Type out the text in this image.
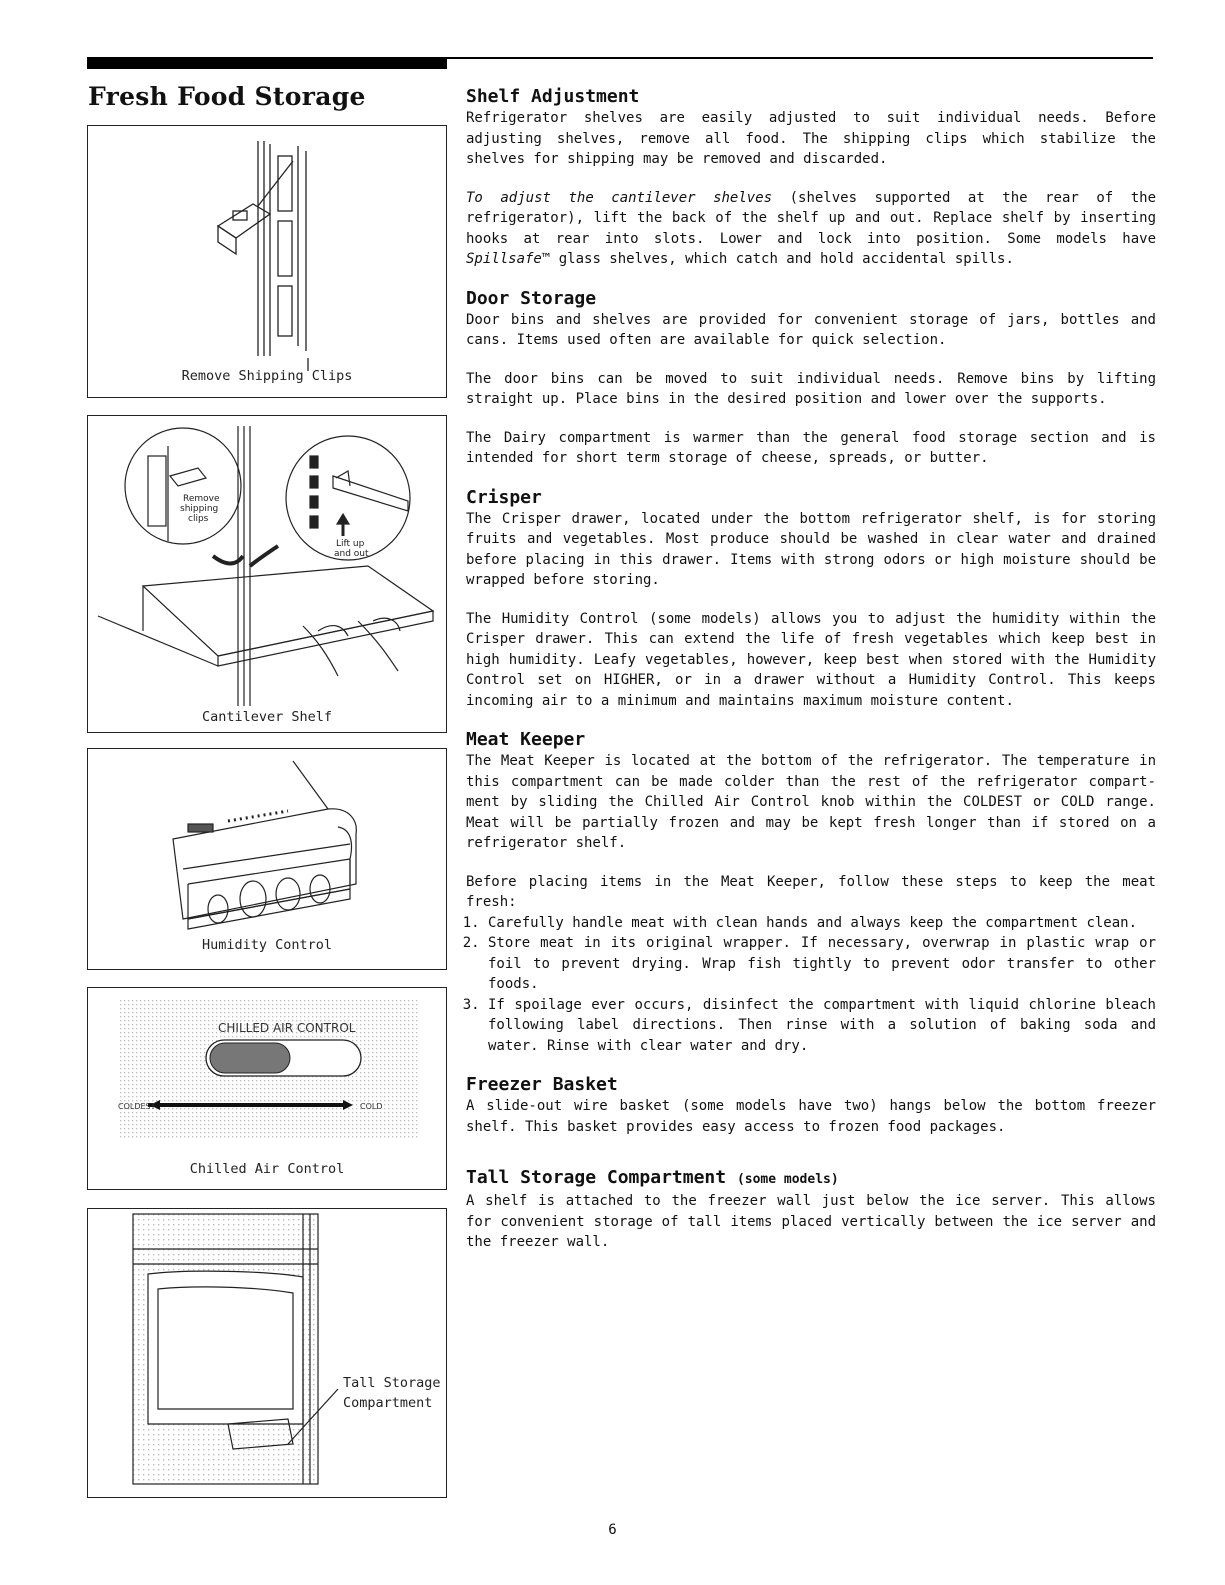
Fresh Food Storage
Remove Shipping Clips
Remove
shipping
clips
Lift up
and out
Cantilever Shelf
Humidity Control
CHILLED AIR CONTROL
COLDEST	COLD
Chilled Air Control
Tall Storage
Compartment

Shelf Adjustment

Refrigerator shelves are easily adjusted to suit individual needs. Before adjusting shelves, remove all food. The shipping clips which stabilize the shelves for shipping may be removed and discarded.

To adjust the cantilever shelves (shelves supported at the rear of the refrigerator), lift the back of the shelf up and out. Replace shelf by inserting hooks at rear into slots. Lower and lock into position. Some models have Spillsafe™ glass shelves, which catch and hold accidental spills.

Door Storage

Door bins and shelves are provided for convenient storage of jars, bottles and cans. Items used often are available for quick selection.

The door bins can be moved to suit individual needs. Remove bins by lifting straight up. Place bins in the desired position and lower over the supports.

The Dairy compartment is warmer than the general food storage section and is intended for short term storage of cheese, spreads, or butter.

Crisper

The Crisper drawer, located under the bottom refrigerator shelf, is for storing fruits and vegetables. Most produce should be washed in clear water and drained before placing in this drawer. Items with strong odors or high moisture should be wrapped before storing.

The Humidity Control (some models) allows you to adjust the humidity within the Crisper drawer. This can extend the life of fresh vegetables which keep best in high humidity. Leafy vegetables, however, keep best when stored with the Humidity Control set on HIGHER, or in a drawer without a Humidity Control. This keeps incoming air to a minimum and maintains maximum moisture content.

Meat Keeper

The Meat Keeper is located at the bottom of the refrigerator. The temperature in this compartment can be made colder than the rest of the refrigerator compart-ment by sliding the Chilled Air Control knob within the COLDEST or COLD range. Meat will be partially frozen and may be kept fresh longer than if stored on a refrigerator shelf.

Before placing items in the Meat Keeper, follow these steps to keep the meat fresh:

1. Carefully handle meat with clean hands and always keep the compartment clean.
2. Store meat in its original wrapper. If necessary, overwrap in plastic wrap or foil to prevent drying. Wrap fish tightly to prevent odor transfer to other foods.
3. If spoilage ever occurs, disinfect the compartment with liquid chlorine bleach following label directions. Then rinse with a solution of baking soda and water. Rinse with clear water and dry.

Freezer Basket

A slide-out wire basket (some models have two) hangs below the bottom freezer shelf. This basket provides easy access to frozen food packages.

Tall Storage Compartment (some models)

A shelf is attached to the freezer wall just below the ice server. This allows for convenient storage of tall items placed vertically between the ice server and the freezer wall.

6
